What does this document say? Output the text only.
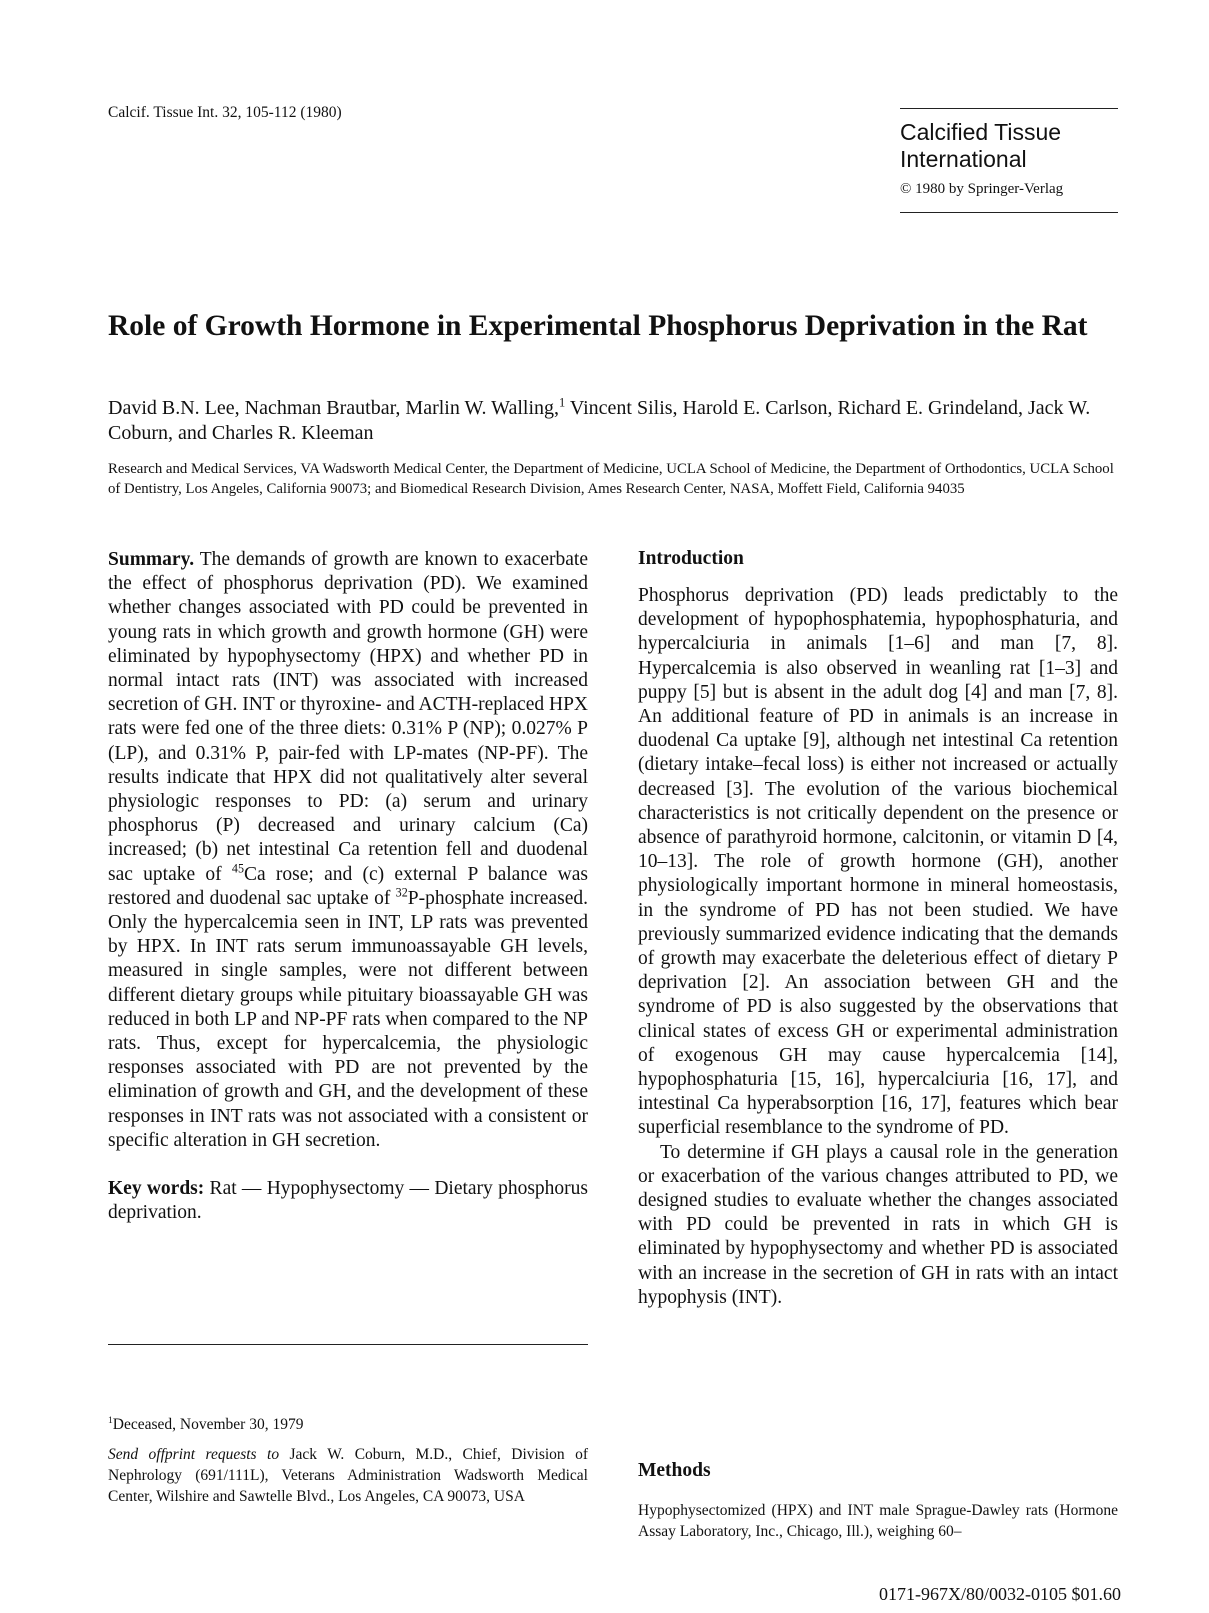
Calcif. Tissue Int. 32, 105-112 (1980)
Calcified Tissue
International
© 1980 by Springer-Verlag
Role of Growth Hormone in Experimental Phosphorus Deprivation in the Rat
David B.N. Lee, Nachman Brautbar, Marlin W. Walling,$^1$ Vincent Silis, Harold E. Carlson, Richard E. Grindeland, Jack W. Coburn, and Charles R. Kleeman
Research and Medical Services, VA Wadsworth Medical Center, the Department of Medicine, UCLA School of Medicine, the Department of Orthodontics, UCLA School of Dentistry, Los Angeles, California 90073; and Biomedical Research Division, Ames Research Center, NASA, Moffett Field, California 94035

Summary. The demands of growth are known to exacerbate the effect of phosphorus deprivation (PD). We examined whether changes associated with PD could be prevented in young rats in which growth and growth hormone (GH) were eliminated by hypophysectomy (HPX) and whether PD in normal intact rats (INT) was associated with increased secretion of GH. INT or thyroxine- and ACTH-replaced HPX rats were fed one of the three diets: 0.31% P (NP); 0.027% P (LP), and 0.31% P, pair-fed with LP-mates (NP-PF). The results indicate that HPX did not qualitatively alter several physiologic responses to PD: (a) serum and urinary phosphorus (P) decreased and urinary calcium (Ca) increased; (b) net intestinal Ca retention fell and duodenal sac uptake of $^{45}$Ca rose; and (c) external P balance was restored and duodenal sac uptake of $^{32}$P-phosphate increased. Only the hypercalcemia seen in INT, LP rats was prevented by HPX. In INT rats serum immunoassayable GH levels, measured in single samples, were not different between different dietary groups while pituitary bioassayable GH was reduced in both LP and NP-PF rats when compared to the NP rats. Thus, except for hypercalcemia, the physiologic responses associated with PD are not prevented by the elimination of growth and GH, and the development of these responses in INT rats was not associated with a consistent or specific alteration in GH secretion.

Key words: Rat — Hypophysectomy — Dietary phosphorus deprivation.

$^1$Deceased, November 30, 1979

Send offprint requests to Jack W. Coburn, M.D., Chief, Division of Nephrology (691/111L), Veterans Administration Wadsworth Medical Center, Wilshire and Sawtelle Blvd., Los Angeles, CA 90073, USA

Introduction

Phosphorus deprivation (PD) leads predictably to the development of hypophosphatemia, hypophosphaturia, and hypercalciuria in animals [1–6] and man [7, 8]. Hypercalcemia is also observed in weanling rat [1–3] and puppy [5] but is absent in the adult dog [4] and man [7, 8]. An additional feature of PD in animals is an increase in duodenal Ca uptake [9], although net intestinal Ca retention (dietary intake–fecal loss) is either not increased or actually decreased [3]. The evolution of the various biochemical characteristics is not critically dependent on the presence or absence of parathyroid hormone, calcitonin, or vitamin D [4, 10–13]. The role of growth hormone (GH), another physiologically important hormone in mineral homeostasis, in the syndrome of PD has not been studied. We have previously summarized evidence indicating that the demands of growth may exacerbate the deleterious effect of dietary P deprivation [2]. An association between GH and the syndrome of PD is also suggested by the observations that clinical states of excess GH or experimental administration of exogenous GH may cause hypercalcemia [14], hypophosphaturia [15, 16], hypercalciuria [16, 17], and intestinal Ca hyperabsorption [16, 17], features which bear superficial resemblance to the syndrome of PD.

To determine if GH plays a causal role in the generation or exacerbation of the various changes attributed to PD, we designed studies to evaluate whether the changes associated with PD could be prevented in rats in which GH is eliminated by hypophysectomy and whether PD is associated with an increase in the secretion of GH in rats with an intact hypophysis (INT).

Methods

Hypophysectomized (HPX) and INT male Sprague-Dawley rats (Hormone Assay Laboratory, Inc., Chicago, Ill.), weighing 60–

0171-967X/80/0032-0105 $01.60
